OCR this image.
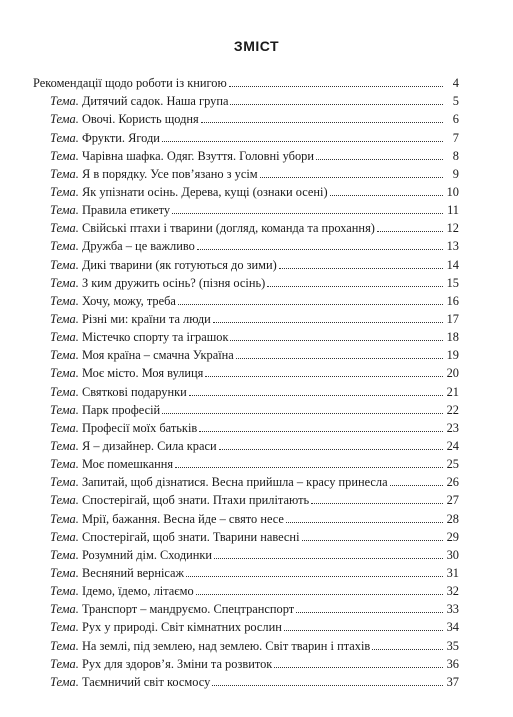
ЗМІСТ
Рекомендації щодо роботи із книгою	4
Тема. Дитячий садок. Наша група	5
Тема. Овочі. Користь щодня	6
Тема. Фрукти. Ягоди	7
Тема. Чарівна шафка. Одяг. Взуття. Головні убори	8
Тема. Я в порядку. Усе пов’язано з усім	9
Тема. Як упізнати осінь. Дерева, кущі (ознаки осені)	10
Тема. Правила етикету	11
Тема. Свійські птахи і тварини (догляд, команда та прохання)	12
Тема. Дружба – це важливо	13
Тема. Дикі тварини (як готуються до зими)	14
Тема. З ким дружить осінь? (пізня осінь)	15
Тема. Хочу, можу, треба	16
Тема. Різні ми: країни та люди	17
Тема. Містечко спорту та іграшок	18
Тема. Моя країна – смачна Україна	19
Тема. Моє місто. Моя вулиця	20
Тема. Святкові подарунки	21
Тема. Парк професій	22
Тема. Професії моїх батьків	23
Тема. Я – дизайнер. Сила краси	24
Тема. Моє помешкання	25
Тема. Запитай, щоб дізнатися. Весна прийшла – красу принесла	26
Тема. Спостерігай, щоб знати. Птахи прилітають	27
Тема. Мрії, бажання. Весна йде – свято несе	28
Тема. Спостерігай, щоб знати. Тварини навесні	29
Тема. Розумний дім. Сходинки	30
Тема. Весняний вернісаж	31
Тема. Ідемо, їдемо, літаємо	32
Тема. Транспорт – мандруємо. Спецтранспорт	33
Тема. Рух у природі. Світ кімнатних рослин	34
Тема. На землі, під землею, над землею. Світ тварин і птахів	35
Тема. Рух для здоров’я. Зміни та розвиток	36
Тема. Таємничий світ космосу	37
